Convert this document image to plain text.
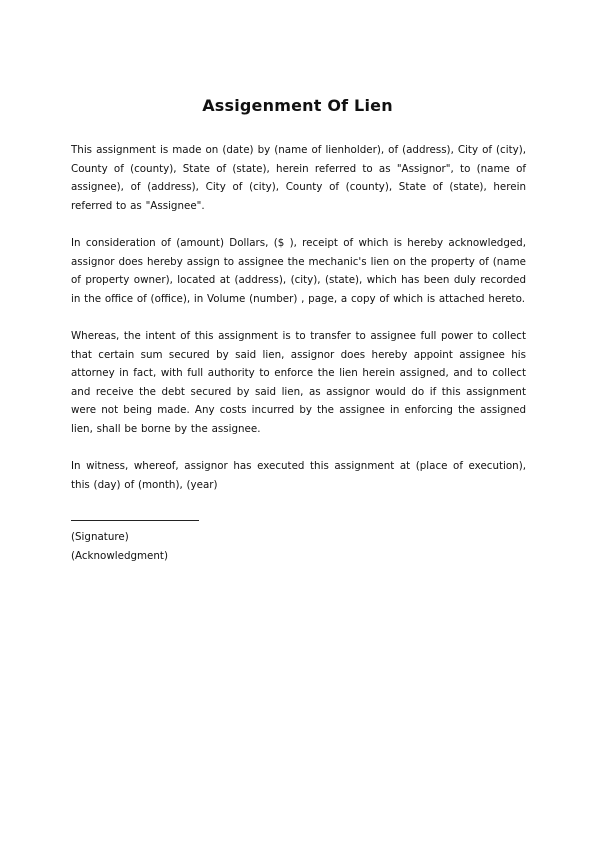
Assigenment Of Lien

This assignment is made on (date) by (name of lienholder), of (address), City of (city), County of (county), State of (state), herein referred to as "Assignor", to (name of assignee), of (address), City of (city), County of (county), State of (state), herein referred to as "Assignee".

In consideration of (amount) Dollars, ($ ), receipt of which is hereby acknowledged, assignor does hereby assign to assignee the mechanic's lien on the property of (name of property owner), located at (address), (city), (state), which has been duly recorded in the office of (office), in Volume (number) , page, a copy of which is attached hereto.

Whereas, the intent of this assignment is to transfer to assignee full power to collect that certain sum secured by said lien, assignor does hereby appoint assignee his attorney in fact, with full authority to enforce the lien herein assigned, and to collect and receive the debt secured by said lien, as assignor would do if this assignment were not being made. Any costs incurred by the assignee in enforcing the assigned lien, shall be borne by the assignee.

In witness, whereof, assignor has executed this assignment at (place of execution), this (day) of (month), (year)

(Signature)
(Acknowledgment)
